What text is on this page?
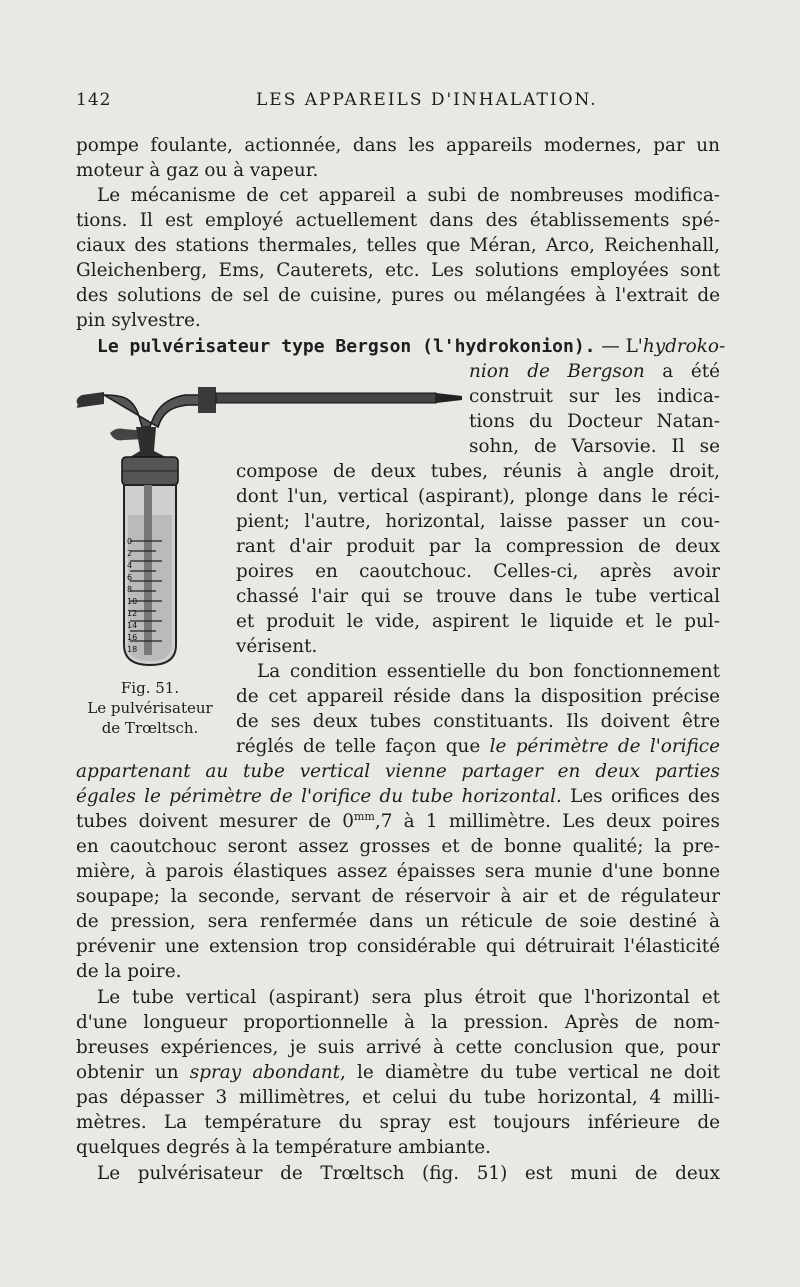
142	LES APPAREILS D'INHALATION.
pompe foulante, actionnée, dans les appareils modernes, par un
moteur à gaz ou à vapeur.
Le mécanisme de cet appareil a subi de nombreuses modifica-
tions. Il est employé actuellement dans des établissements spé-
ciaux des stations thermales, telles que Méran, Arco, Reichenhall,
Gleichenberg, Ems, Cauterets, etc. Les solutions employées sont
des solutions de sel de cuisine, pures ou mélangées à l'extrait de
pin sylvestre.
Le pulvérisateur type Bergson (l'hydrokonion). — L'hydroko-
nion de Bergson a été
construit sur les indica-
tions du Docteur Natan-
sohn, de Varsovie. Il se
compose de deux tubes, réunis à angle droit,
dont l'un, vertical (aspirant), plonge dans le réci-
pient; l'autre, horizontal, laisse passer un cou-
rant d'air produit par la compression de deux
poires en caoutchouc. Celles-ci, après avoir
chassé l'air qui se trouve dans le tube vertical
et produit le vide, aspirent le liquide et le pul-
vérisent.
La condition essentielle du bon fonctionnement
de cet appareil réside dans la disposition précise
de ses deux tubes constituants. Ils doivent être
réglés de telle façon que le périmètre de l'orifice
appartenant au tube vertical vienne partager en deux parties
égales le périmètre de l'orifice du tube horizontal. Les orifices des
tubes doivent mesurer de $0^{mm},7$ à 1 millimètre. Les deux poires
en caoutchouc seront assez grosses et de bonne qualité; la pre-
mière, à parois élastiques assez épaisses sera munie d'une bonne
soupape; la seconde, servant de réservoir à air et de régulateur
de pression, sera renfermée dans un réticule de soie destiné à
prévenir une extension trop considérable qui détruirait l'élasticité
de la poire.
Le tube vertical (aspirant) sera plus étroit que l'horizontal et
d'une longueur proportionnelle à la pression. Après de nom-
breuses expériences, je suis arrivé à cette conclusion que, pour
obtenir un spray abondant, le diamètre du tube vertical ne doit
pas dépasser 3 millimètres, et celui du tube horizontal, 4 milli-
mètres. La température du spray est toujours inférieure de
quelques degrés à la température ambiante.
Le pulvérisateur de Trœltsch (fig. 51) est muni de deux
0
2
4
6
8
10
12
14
16
18
Fig. 51.
Le pulvérisateur
de Trœltsch.
